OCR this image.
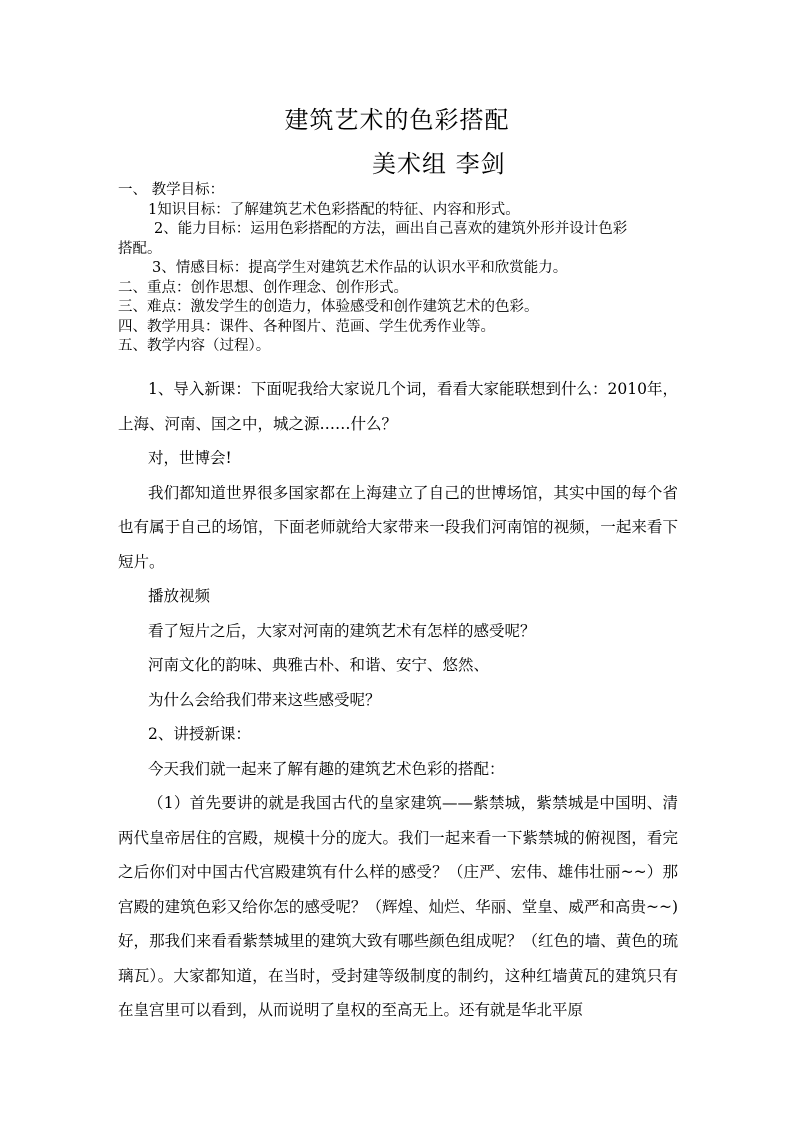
建筑艺术的色彩搭配
美术组 李剑
一、 教学目标：
1知识目标：了解建筑艺术色彩搭配的特征、内容和形式。
2、能力目标：运用色彩搭配的方法，画出自己喜欢的建筑外形并设计色彩
搭配。
3、情感目标：提高学生对建筑艺术作品的认识水平和欣赏能力。
二、重点：创作思想、创作理念、创作形式。
三、难点：激发学生的创造力，体验感受和创作建筑艺术的色彩。
四、教学用具：课件、各种图片、范画、学生优秀作业等。
五、教学内容（过程）。

1、导入新课：下面呢我给大家说几个词，看看大家能联想到什么：2010年，上海、河南、国之中，城之源……什么？

对，世博会!

我们都知道世界很多国家都在上海建立了自己的世博场馆，其实中国的每个省也有属于自己的场馆，下面老师就给大家带来一段我们河南馆的视频，一起来看下短片。

播放视频

看了短片之后，大家对河南的建筑艺术有怎样的感受呢？

河南文化的韵味、典雅古朴、和谐、安宁、悠然、

为什么会给我们带来这些感受呢？

2、讲授新课：

今天我们就一起来了解有趣的建筑艺术色彩的搭配：

（1）首先要讲的就是我国古代的皇家建筑——紫禁城，紫禁城是中国明、清两代皇帝居住的宫殿，规模十分的庞大。我们一起来看一下紫禁城的俯视图，看完之后你们对中国古代宫殿建筑有什么样的感受？（庄严、宏伟、雄伟壮丽~~）那宫殿的建筑色彩又给你怎的感受呢？（辉煌、灿烂、华丽、堂皇、威严和高贵~~)好，那我们来看看紫禁城里的建筑大致有哪些颜色组成呢？（红色的墙、黄色的琉璃瓦）。大家都知道，在当时，受封建等级制度的制约，这种红墙黄瓦的建筑只有在皇宫里可以看到，从而说明了皇权的至高无上。还有就是华北平原
